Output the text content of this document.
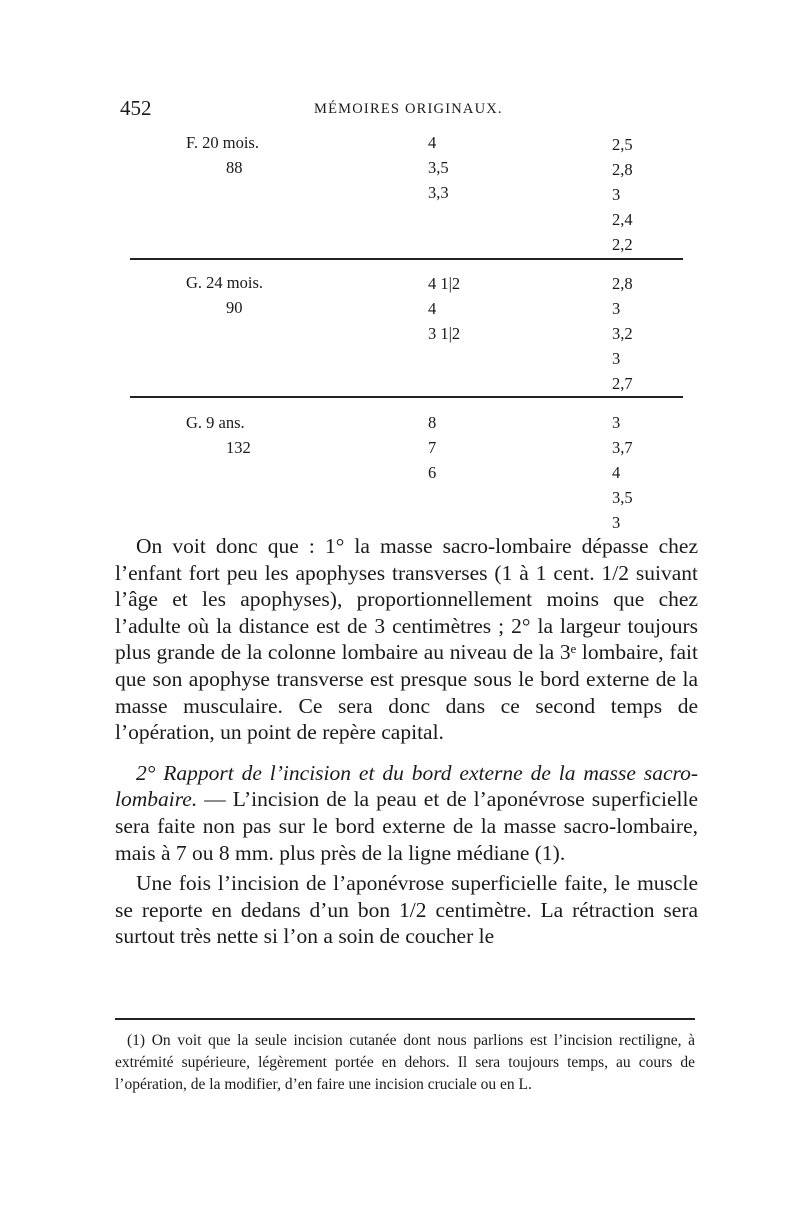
452	MÉMOIRES ORIGINAUX.
F. 20 mois.
88
4
3,5
3,3
2,5
2,8
3
2,4
2,2
G. 24 mois.
90
4 1|2
4
3 1|2
2,8
3
3,2
3
2,7
G. 9 ans.
132
8
7
6
3
3,7
4
3,5
3

On voit donc que : 1° la masse sacro-lombaire dépasse chez l’enfant fort peu les apophyses transverses (1 à 1 cent. 1/2 suivant l’âge et les apophyses), proportionnellement moins que chez l’adulte où la distance est de 3 centimètres ; 2° la largeur toujours plus grande de la colonne lombaire au niveau de la 3ᵉ lombaire, fait que son apophyse transverse est presque sous le bord externe de la masse musculaire. Ce sera donc dans ce second temps de l’opération, un point de repère capital.

2° Rapport de l’incision et du bord externe de la masse sacro-lombaire. — L’incision de la peau et de l’aponévrose superficielle sera faite non pas sur le bord externe de la masse sacro-lombaire, mais à 7 ou 8 mm. plus près de la ligne médiane (1).

Une fois l’incision de l’aponévrose superficielle faite, le muscle se reporte en dedans d’un bon 1/2 centimètre. La rétraction sera surtout très nette si l’on a soin de coucher le

(1) On voit que la seule incision cutanée dont nous parlions est l’incision rectiligne, à extrémité supérieure, légèrement portée en dehors. Il sera toujours temps, au cours de l’opération, de la modifier, d’en faire une incision cruciale ou en L.
